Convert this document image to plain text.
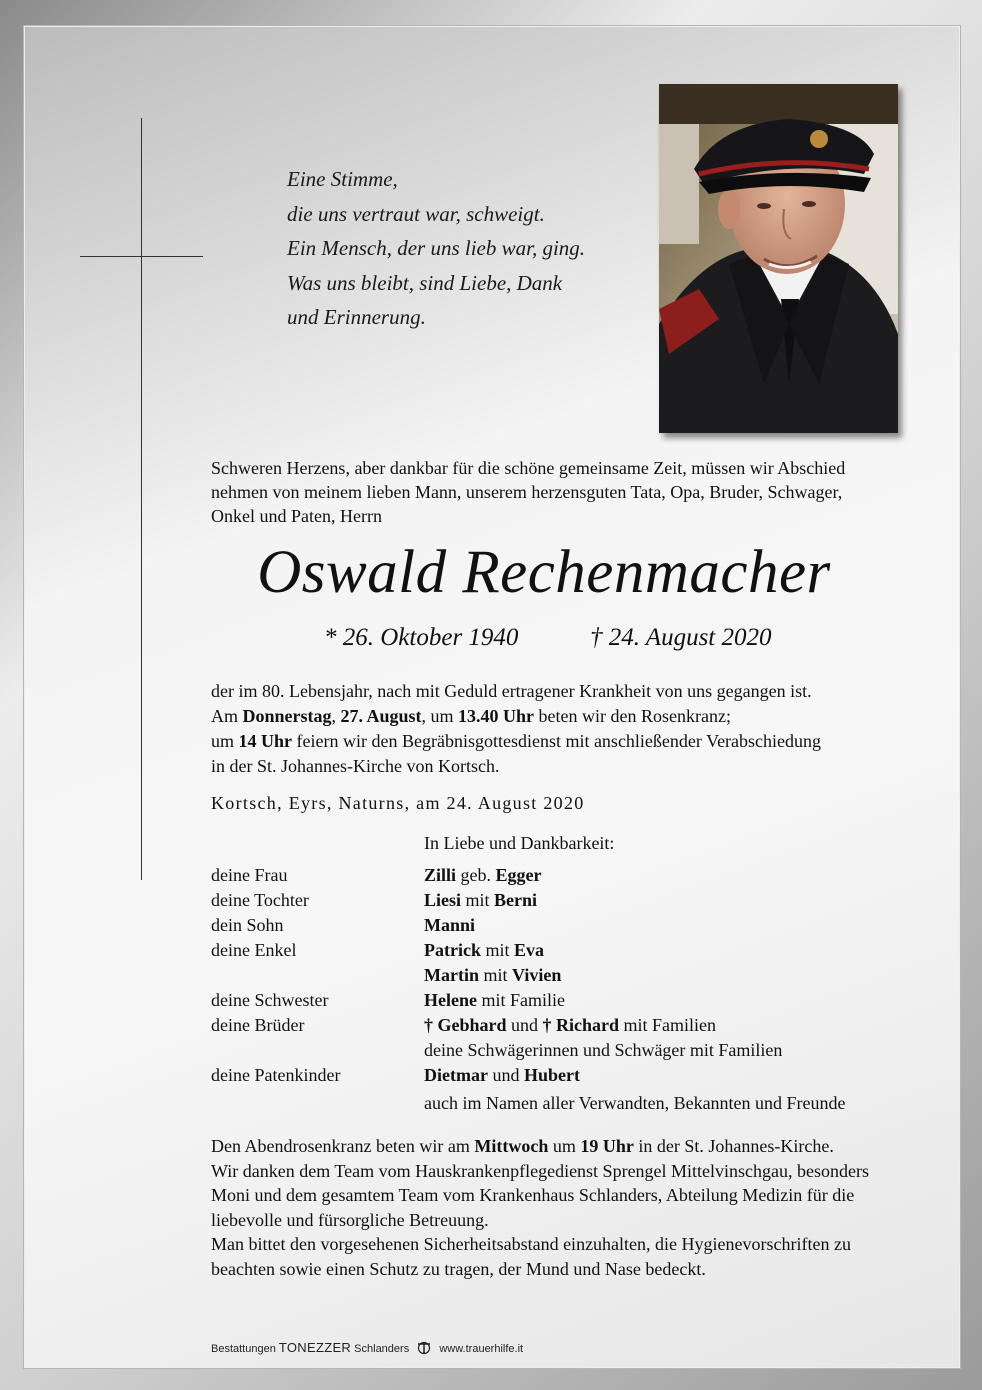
Eine Stimme,
die uns vertraut war, schweigt.
Ein Mensch, der uns lieb war, ging.
Was uns bleibt, sind Liebe, Dank
und Erinnerung.
Schweren Herzens, aber dankbar für die schöne gemeinsame Zeit, müssen wir Abschied
nehmen von meinem lieben Mann, unserem herzensguten Tata, Opa, Bruder, Schwager,
Onkel und Paten, Herrn
Oswald Rechenmacher
* 26. Oktober 1940	† 24. August 2020
der im 80. Lebensjahr, nach mit Geduld ertragener Krankheit von uns gegangen ist.
Am Donnerstag, 27. August, um 13.40 Uhr beten wir den Rosenkranz;
um 14 Uhr feiern wir den Begräbnisgottesdienst mit anschließender Verabschiedung
in der St. Johannes-Kirche von Kortsch.
Kortsch, Eyrs, Naturns, am 24. August 2020
In Liebe und Dankbarkeit:
deine Frau	Zilli geb. Egger
deine Tochter	Liesi mit Berni
dein Sohn	Manni
deine Enkel	Patrick mit Eva
Martin mit Vivien
deine Schwester	Helene mit Familie
deine Brüder	† Gebhard und † Richard mit Familien
deine Schwägerinnen und Schwäger mit Familien
deine Patenkinder	Dietmar und Hubert
auch im Namen aller Verwandten, Bekannten und Freunde
Den Abendrosenkranz beten wir am Mittwoch um 19 Uhr in der St. Johannes-Kirche.
Wir danken dem Team vom Hauskrankenpflegedienst Sprengel Mittelvinschgau, besonders
Moni und dem gesamtem Team vom Krankenhaus Schlanders, Abteilung Medizin für die
liebevolle und fürsorgliche Betreuung.
Man bittet den vorgesehenen Sicherheitsabstand einzuhalten, die Hygienevorschriften zu
beachten sowie einen Schutz zu tragen, der Mund und Nase bedeckt.
Bestattungen TONEZZER Schlanders	www.trauerhilfe.it
